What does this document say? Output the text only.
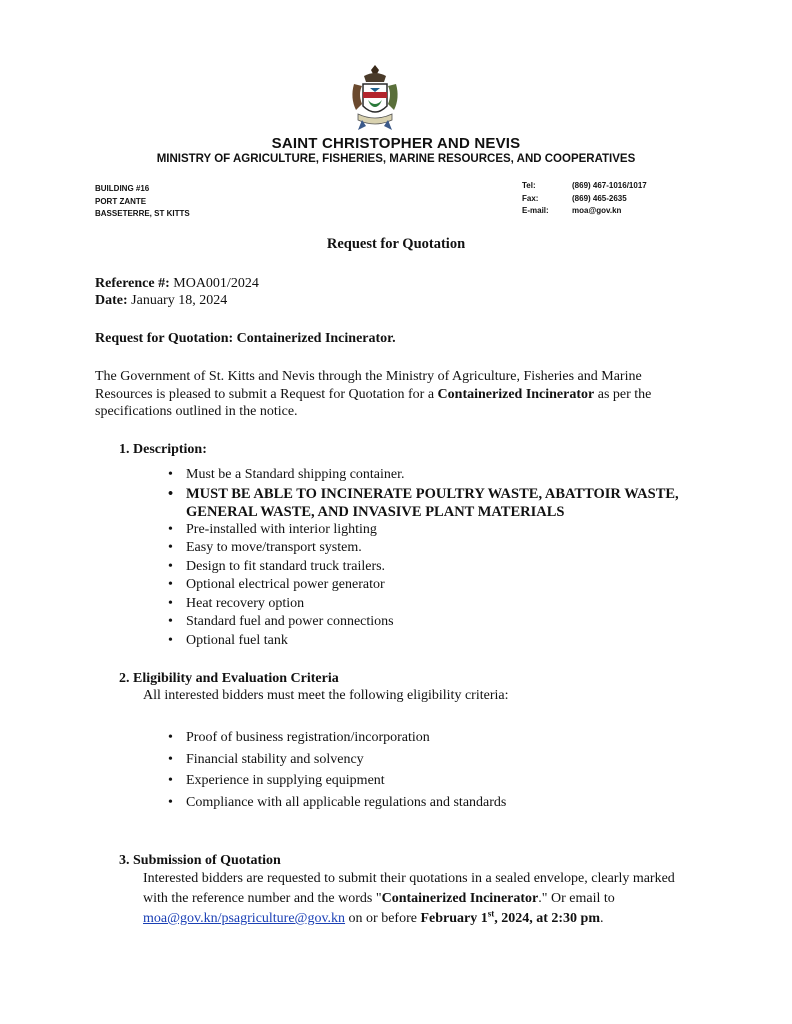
SAINT CHRISTOPHER AND NEVIS
MINISTRY OF AGRICULTURE, FISHERIES, MARINE RESOURCES, AND COOPERATIVES
BUILDING #16
PORT ZANTE
BASSETERRE, ST KITTS
Tel:	(869) 467-1016/1017
Fax:	(869) 465-2635
E-mail:	moa@gov.kn
Request for Quotation
Reference #: MOA001/2024
Date: January 18, 2024
Request for Quotation: Containerized Incinerator.
The Government of St. Kitts and Nevis through the Ministry of Agriculture, Fisheries and Marine Resources is pleased to submit a Request for Quotation for a Containerized Incinerator as per the specifications outlined in the notice.
1. Description:
• Must be a Standard shipping container.
• MUST BE ABLE TO INCINERATE POULTRY WASTE, ABATTOIR WASTE, GENERAL WASTE, AND INVASIVE PLANT MATERIALS
• Pre-installed with interior lighting
• Easy to move/transport system.
• Design to fit standard truck trailers.
• Optional electrical power generator
• Heat recovery option
• Standard fuel and power connections
• Optional fuel tank
2. Eligibility and Evaluation Criteria
All interested bidders must meet the following eligibility criteria:
• Proof of business registration/incorporation
• Financial stability and solvency
• Experience in supplying equipment
• Compliance with all applicable regulations and standards
3. Submission of Quotation
Interested bidders are requested to submit their quotations in a sealed envelope, clearly marked with the reference number and the words "Containerized Incinerator." Or email to moa@gov.kn/psagriculture@gov.kn on or before February 1st, 2024, at 2:30 pm.
